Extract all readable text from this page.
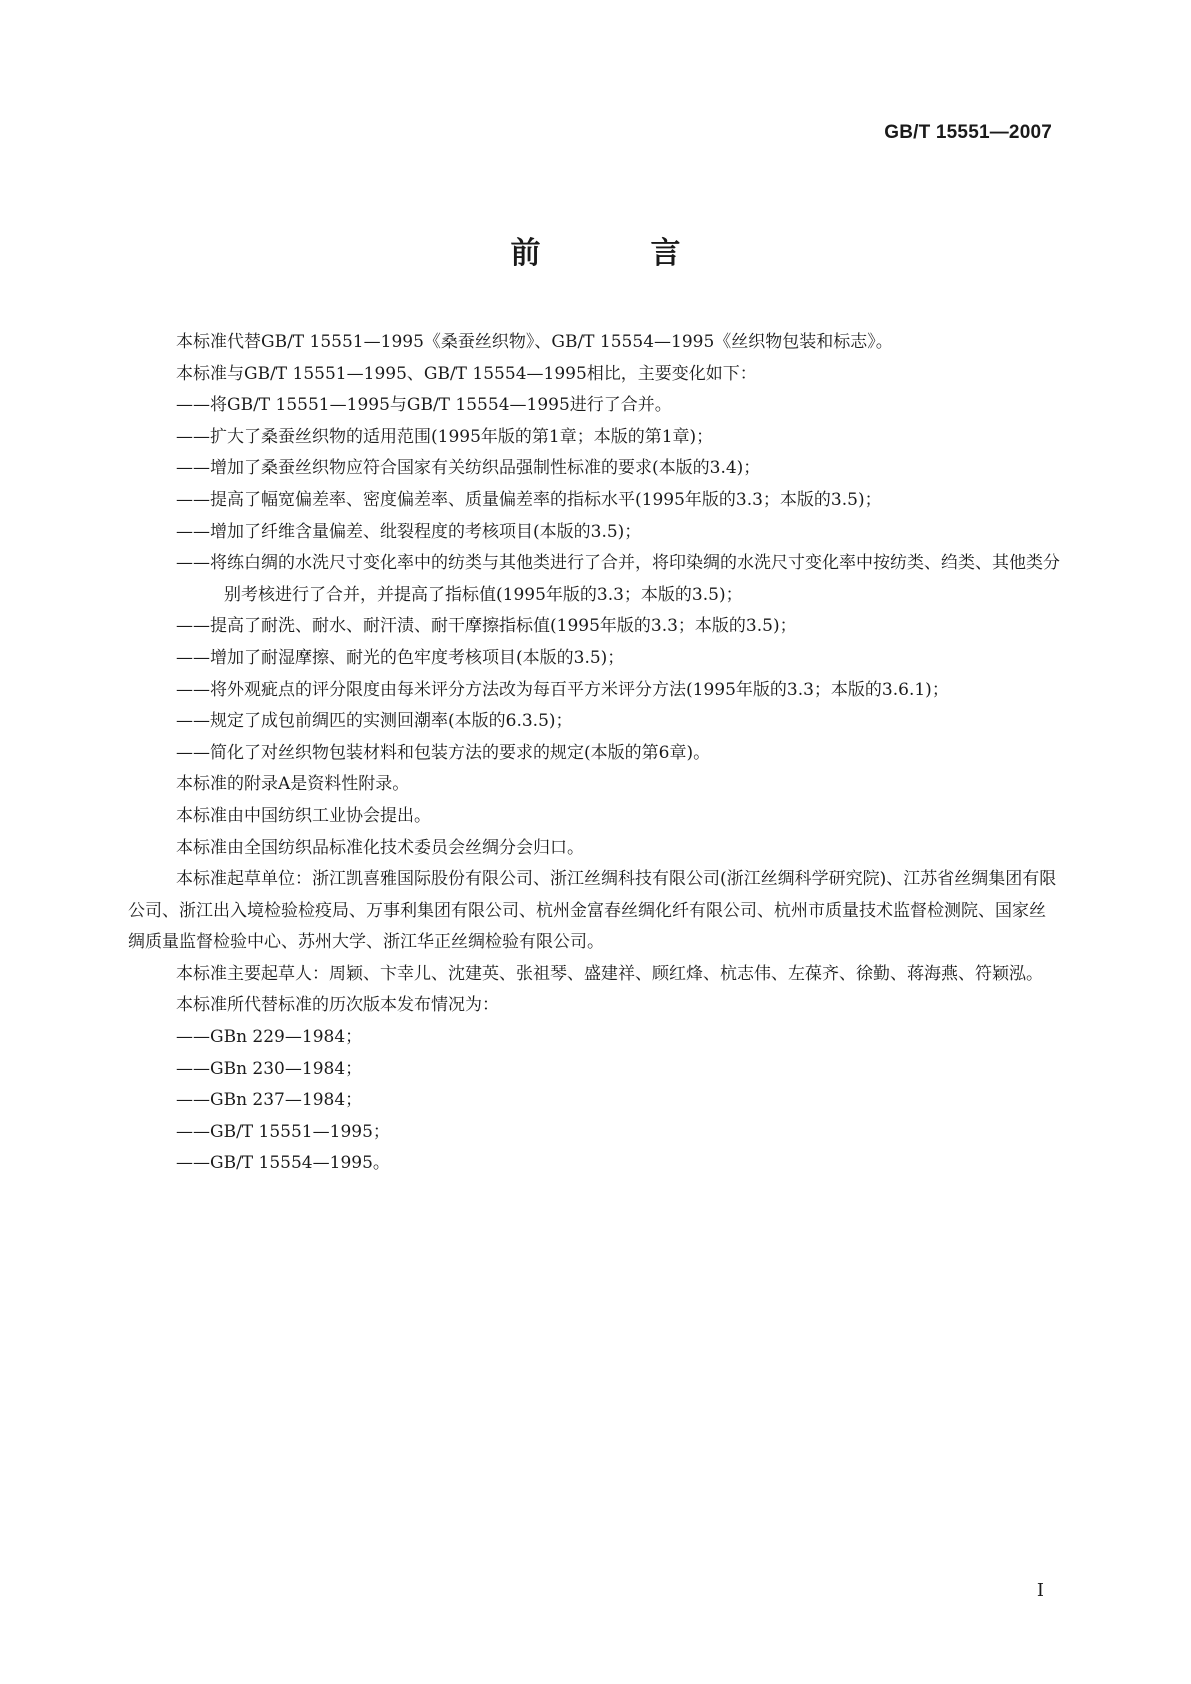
GB/T 15551—2007
前　言

本标准代替GB/T 15551—1995《桑蚕丝织物》、GB/T 15554—1995《丝织物包装和标志》。

本标准与GB/T 15551—1995、GB/T 15554—1995相比，主要变化如下：

——将GB/T 15551—1995与GB/T 15554—1995进行了合并。

——扩大了桑蚕丝织物的适用范围(1995年版的第1章；本版的第1章)；

——增加了桑蚕丝织物应符合国家有关纺织品强制性标准的要求(本版的3.4)；

——提高了幅宽偏差率、密度偏差率、质量偏差率的指标水平(1995年版的3.3；本版的3.5)；

——增加了纤维含量偏差、纰裂程度的考核项目(本版的3.5)；

——将练白绸的水洗尺寸变化率中的纺类与其他类进行了合并，将印染绸的水洗尺寸变化率中按纺类、绉类、其他类分别考核进行了合并，并提高了指标值(1995年版的3.3；本版的3.5)；

——提高了耐洗、耐水、耐汗渍、耐干摩擦指标值(1995年版的3.3；本版的3.5)；

——增加了耐湿摩擦、耐光的色牢度考核项目(本版的3.5)；

——将外观疵点的评分限度由每米评分方法改为每百平方米评分方法(1995年版的3.3；本版的3.6.1)；

——规定了成包前绸匹的实测回潮率(本版的6.3.5)；

——简化了对丝织物包装材料和包装方法的要求的规定(本版的第6章)。

本标准的附录A是资料性附录。

本标准由中国纺织工业协会提出。

本标准由全国纺织品标准化技术委员会丝绸分会归口。

本标准起草单位：浙江凯喜雅国际股份有限公司、浙江丝绸科技有限公司(浙江丝绸科学研究院)、江苏省丝绸集团有限公司、浙江出入境检验检疫局、万事利集团有限公司、杭州金富春丝绸化纤有限公司、杭州市质量技术监督检测院、国家丝绸质量监督检验中心、苏州大学、浙江华正丝绸检验有限公司。

本标准主要起草人：周颖、卞幸儿、沈建英、张祖琴、盛建祥、顾红烽、杭志伟、左葆齐、徐勤、蒋海燕、符颖泓。

本标准所代替标准的历次版本发布情况为：

——GBn 229—1984；

——GBn 230—1984；

——GBn 237—1984；

——GB/T 15551—1995；

——GB/T 15554—1995。

I
